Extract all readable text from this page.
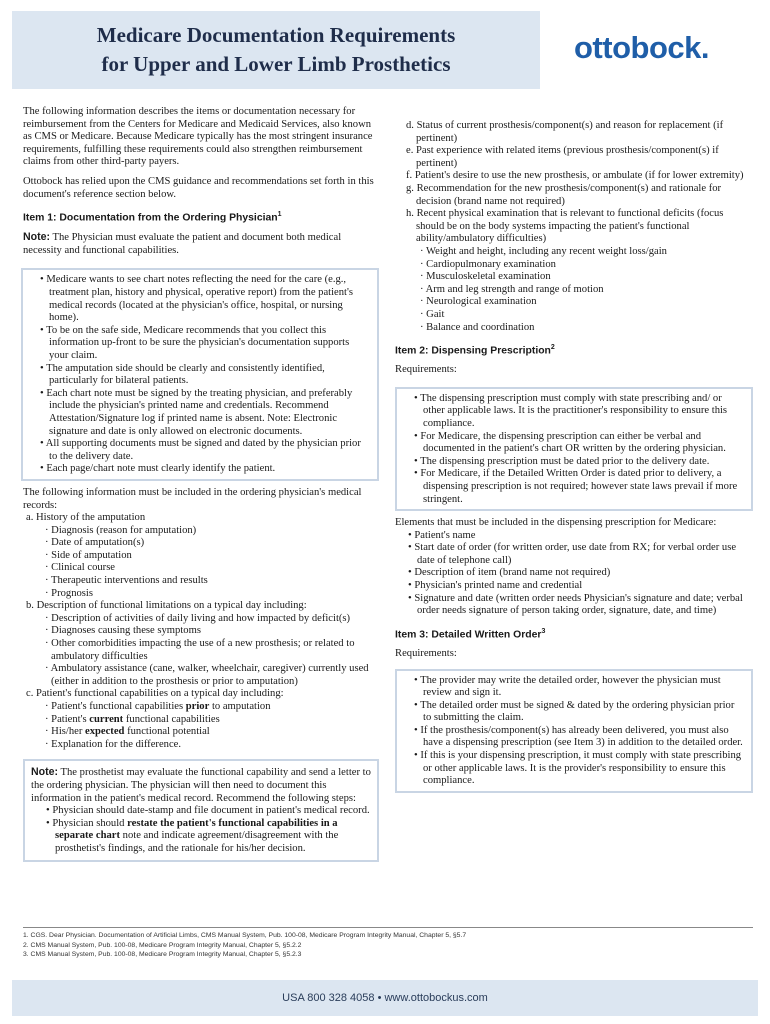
Medicare Documentation Requirements
for Upper and Lower Limb Prosthetics	ottobock.

The following information describes the items or documentation necessary for reimbursement from the Centers for Medicare and Medicaid Services, also known as CMS or Medicare. Because Medicare typically has the most stringent insurance requirements, fulfilling these requirements could also strengthen reimbursement claims from other third-party payers.

Ottobock has relied upon the CMS guidance and recommendations set forth in this document's reference section below.

Item 1: Documentation from the Ordering Physician$^1$

Note: The Physician must evaluate the patient and document both medical necessity and functional capabilities.

• Medicare wants to see chart notes reflecting the need for the care (e.g., treatment plan, history and physical, operative report) from the patient's medical records (located at the physician's office, hospital, or nursing home).

• To be on the safe side, Medicare recommends that you collect this information up-front to be sure the physician's documentation supports your claim.

• The amputation side should be clearly and consistently identified, particularly for bilateral patients.

• Each chart note must be signed by the treating physician, and preferably include the physician's printed name and credentials. Recommend Attestation/Signature log if printed name is absent. Note: Electronic signature and date is only allowed on electronic documents.

• All supporting documents must be signed and dated by the physician prior to the delivery date.

• Each page/chart note must clearly identify the patient.

The following information must be included in the ordering physician's medical records:

a. History of the amputation

· Diagnosis (reason for amputation)

· Date of amputation(s)

· Side of amputation

· Clinical course

· Therapeutic interventions and results

· Prognosis

b. Description of functional limitations on a typical day including:

· Description of activities of daily living and how impacted by deficit(s)

· Diagnoses causing these symptoms

· Other comorbidities impacting the use of a new prosthesis; or related to ambulatory difficulties

· Ambulatory assistance (cane, walker, wheelchair, caregiver) currently used (either in addition to the prosthesis or prior to amputation)

c. Patient's functional capabilities on a typical day including:

· Patient's functional capabilities prior to amputation

· Patient's current functional capabilities

· His/her expected functional potential

· Explanation for the difference.

Note: The prosthetist may evaluate the functional capability and send a letter to the ordering physician. The physician will then need to document this information in the patient's medical record. Recommend the following steps:

• Physician should date-stamp and file document in patient's medical record.

• Physician should restate the patient's functional capabilities in a separate chart note and indicate agreement/disagreement with the prosthetist's findings, and the rationale for his/her decision.

d. Status of current prosthesis/component(s) and reason for replacement (if pertinent)

e. Past experience with related items (previous prosthesis/component(s) if pertinent)

f. Patient's desire to use the new prosthesis, or ambulate (if for lower extremity)

g. Recommendation for the new prosthesis/component(s) and rationale for decision (brand name not required)

h. Recent physical examination that is relevant to functional deficits (focus should be on the body systems impacting the patient's functional ability/ambulatory difficulties)

· Weight and height, including any recent weight loss/gain

· Cardiopulmonary examination

· Musculoskeletal examination

· Arm and leg strength and range of motion

· Neurological examination

· Gait

· Balance and coordination

Item 2: Dispensing Prescription$^2$

Requirements:

• The dispensing prescription must comply with state prescribing and/ or other applicable laws. It is the practitioner's responsibility to ensure this compliance.

• For Medicare, the dispensing prescription can either be verbal and documented in the patient's chart OR written by the ordering physician.

• The dispensing prescription must be dated prior to the delivery date.

• For Medicare, if the Detailed Written Order is dated prior to delivery, a dispensing prescription is not required; however state laws prevail if more stringent.

Elements that must be included in the dispensing prescription for Medicare:

• Patient's name

• Start date of order (for written order, use date from RX; for verbal order use date of telephone call)

• Description of item (brand name not required)

• Physician's printed name and credential

• Signature and date (written order needs Physician's signature and date; verbal order needs signature of person taking order, signature, date, and time)

Item 3: Detailed Written Order$^3$

Requirements:

• The provider may write the detailed order, however the physician must review and sign it.

• The detailed order must be signed & dated by the ordering physician prior to submitting the claim.

• If the prosthesis/component(s) has already been delivered, you must also have a dispensing prescription (see Item 3) in addition to the detailed order.

• If this is your dispensing prescription, it must comply with state prescribing or other applicable laws. It is the provider's responsibility to ensure this compliance.

1. CGS. Dear Physician. Documentation of Artificial Limbs, CMS Manual System, Pub. 100-08, Medicare Program Integrity Manual, Chapter 5, §5.7
2. CMS Manual System, Pub. 100-08, Medicare Program Integrity Manual, Chapter 5, §5.2.2
3. CMS Manual System, Pub. 100-08, Medicare Program Integrity Manual, Chapter 5, §5.2.3
USA 800 328 4058 • www.ottobockus.com
